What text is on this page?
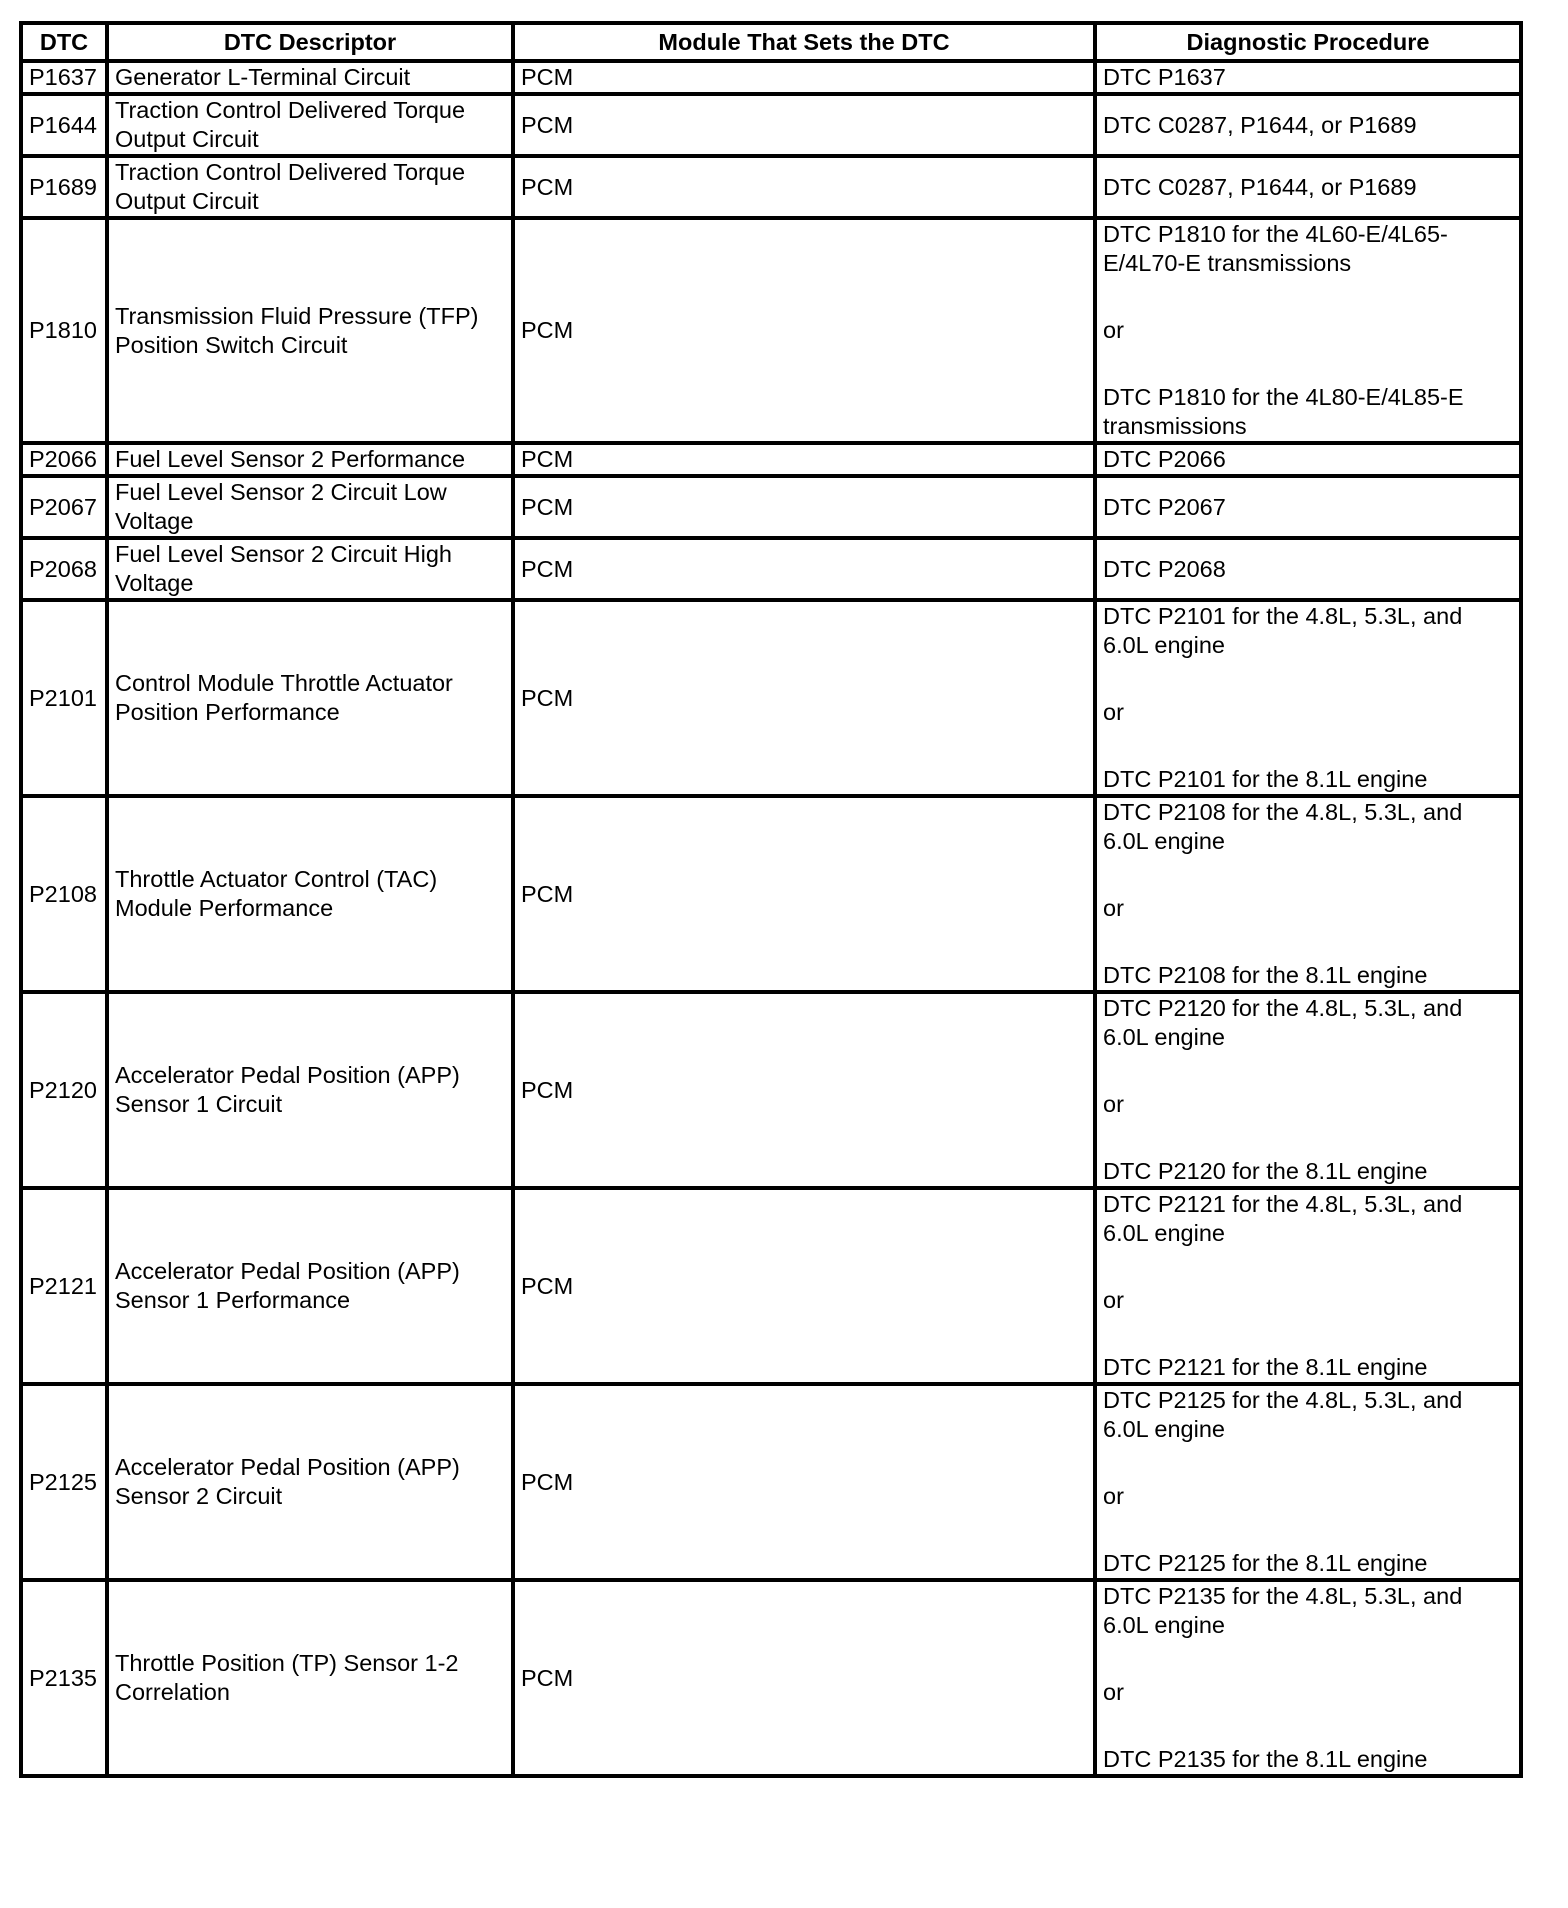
DTC	DTC Descriptor	Module That Sets the DTC	Diagnostic Procedure
P1637	Generator L-Terminal Circuit	PCM	DTC P1637

P1644	Traction Control Delivered Torque Output Circuit	PCM	DTC C0287, P1644, or P1689

P1689	Traction Control Delivered Torque Output Circuit	PCM	DTC C0287, P1644, or P1689

P1810	Transmission Fluid Pressure (TFP) Position Switch Circuit	PCM	DTC P1810 for the 4L60-E/4L65-E/4L70-E transmissions
or
DTC P1810 for the 4L80-E/4L85-E transmissions

P2066	Fuel Level Sensor 2 Performance	PCM	DTC P2066

P2067	Fuel Level Sensor 2 Circuit Low Voltage	PCM	DTC P2067

P2068	Fuel Level Sensor 2 Circuit High Voltage	PCM	DTC P2068

P2101	Control Module Throttle Actuator Position Performance	PCM	DTC P2101 for the 4.8L, 5.3L, and 6.0L engine
or
DTC P2101 for the 8.1L engine

P2108	Throttle Actuator Control (TAC) Module Performance	PCM	DTC P2108 for the 4.8L, 5.3L, and 6.0L engine
or
DTC P2108 for the 8.1L engine

P2120	Accelerator Pedal Position (APP) Sensor 1 Circuit	PCM	DTC P2120 for the 4.8L, 5.3L, and 6.0L engine
or
DTC P2120 for the 8.1L engine

P2121	Accelerator Pedal Position (APP) Sensor 1 Performance	PCM	DTC P2121 for the 4.8L, 5.3L, and 6.0L engine
or
DTC P2121 for the 8.1L engine

P2125	Accelerator Pedal Position (APP) Sensor 2 Circuit	PCM	DTC P2125 for the 4.8L, 5.3L, and 6.0L engine
or
DTC P2125 for the 8.1L engine

P2135	Throttle Position (TP) Sensor 1-2 Correlation	PCM	DTC P2135 for the 4.8L, 5.3L, and 6.0L engine
or
DTC P2135 for the 8.1L engine
